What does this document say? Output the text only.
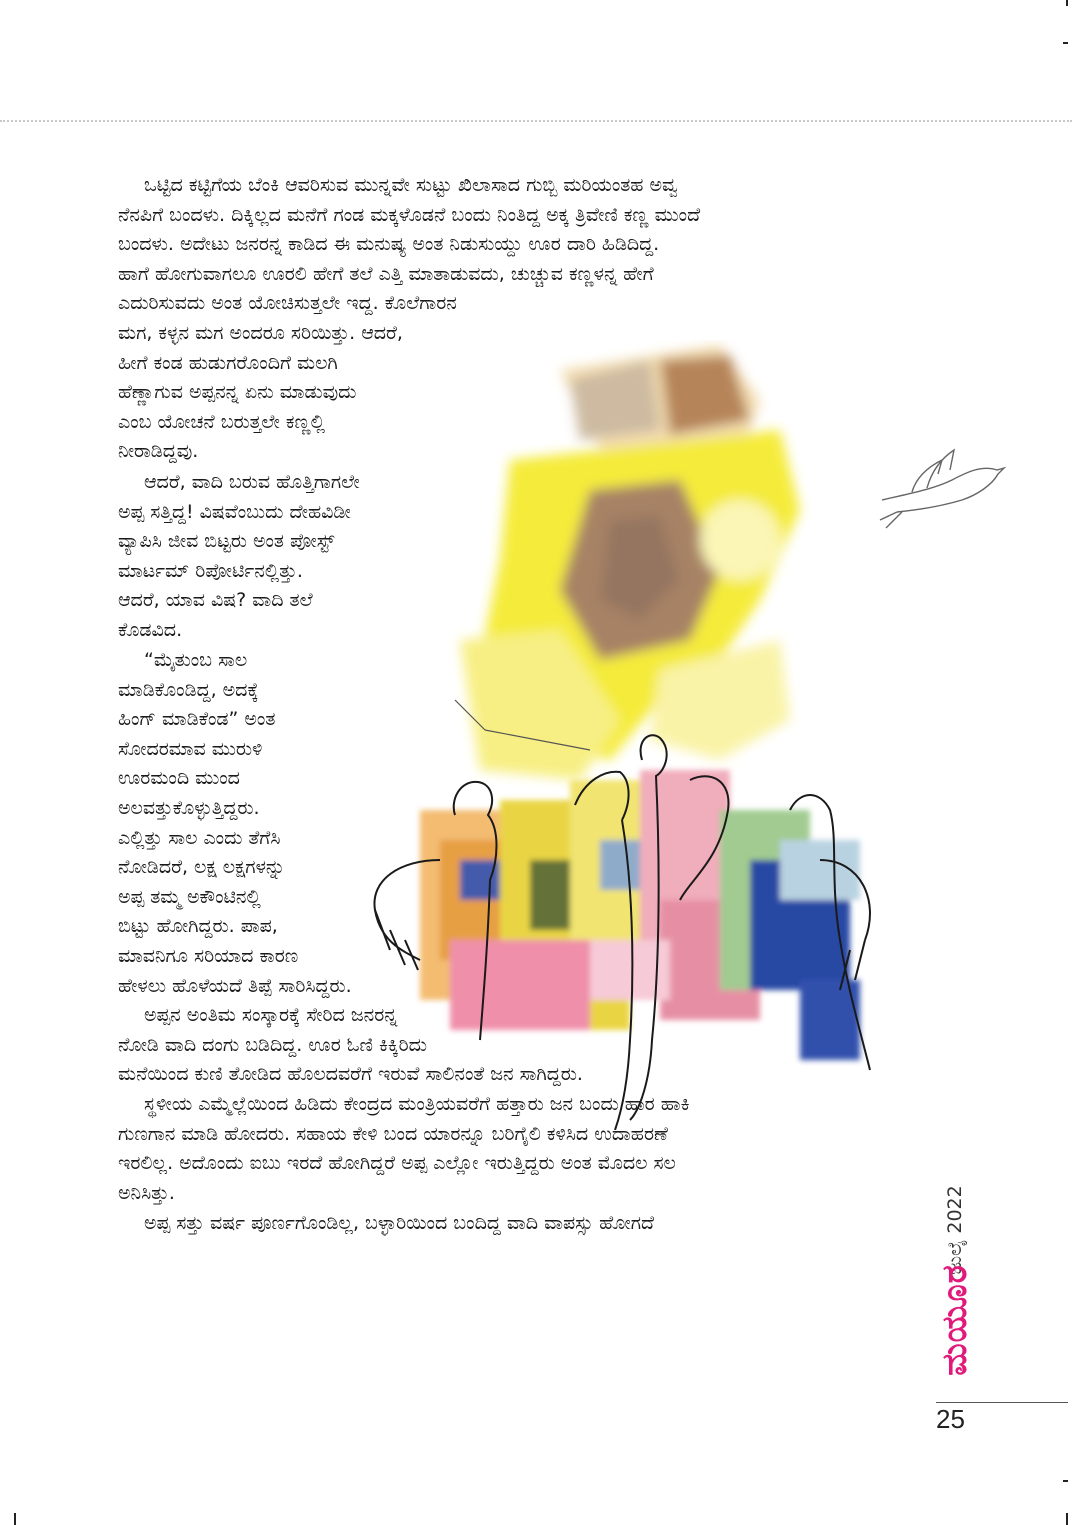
ಒಟ್ಟಿದ ಕಟ್ಟಿಗೆಯ ಬೆಂಕಿ ಆವರಿಸುವ ಮುನ್ನವೇ ಸುಟ್ಟು ಖಿಲಾಸಾದ ಗುಬ್ಬಿ ಮರಿಯಂತಹ ಅವ್ವ
ನೆನಪಿಗೆ ಬಂದಳು. ದಿಕ್ಕಿಲ್ಲದ ಮನೆಗೆ ಗಂಡ ಮಕ್ಕಳೊಡನೆ ಬಂದು ನಿಂತಿದ್ದ ಅಕ್ಕ ತ್ರಿವೇಣಿ ಕಣ್ಣ ಮುಂದೆ
ಬಂದಳು. ಅದೇಟು ಜನರನ್ನ ಕಾಡಿದ ಈ ಮನುಷ್ಯ ಅಂತ ನಿಡುಸುಯ್ದು ಊರ ದಾರಿ ಹಿಡಿದಿದ್ದ.
ಹಾಗೆ ಹೋಗುವಾಗಲೂ ಊರಲಿ ಹೇಗೆ ತಲೆ ಎತ್ತಿ ಮಾತಾಡುವದು, ಚುಚ್ಚುವ ಕಣ್ಣಳನ್ನ ಹೇಗೆ
ಎದುರಿಸುವದು ಅಂತ ಯೋಚಿಸುತ್ತಲೇ ಇದ್ದ. ಕೊಲೆಗಾರನ
ಮಗ, ಕಳ್ಳನ ಮಗ ಅಂದರೂ ಸರಿಯಿತ್ತು. ಆದರೆ,
ಹೀಗೆ ಕಂಡ ಹುಡುಗರೊಂದಿಗೆ ಮಲಗಿ
ಹೆಣ್ಣಾಗುವ ಅಪ್ಪನನ್ನ ಏನು ಮಾಡುವುದು
ಎಂಬ ಯೋಚನೆ ಬರುತ್ತಲೇ ಕಣ್ಣಲ್ಲಿ
ನೀರಾಡಿದ್ದವು.
ಆದರೆ, ವಾದಿ ಬರುವ ಹೊತ್ತಿಗಾಗಲೇ
ಅಪ್ಪ ಸತ್ತಿದ್ದ! ವಿಷವೆಂಬುದು ದೇಹವಿಡೀ
ವ್ಯಾಪಿಸಿ ಜೀವ ಬಿಟ್ಟರು ಅಂತ ಪೋಸ್ಟ್
ಮಾರ್ಟಮ್ ರಿಪೋರ್ಟಿನಲ್ಲಿತ್ತು.
ಆದರೆ, ಯಾವ ವಿಷ? ವಾದಿ ತಲೆ
ಕೊಡವಿದ.
“ಮೈತುಂಬ ಸಾಲ
ಮಾಡಿಕೊಂಡಿದ್ದ, ಅದಕ್ಕೆ
ಹಿಂಗ್ ಮಾಡಿಕೆಂಡ” ಅಂತ
ಸೋದರಮಾವ ಮುರುಳಿ
ಊರಮಂದಿ ಮುಂದ
ಅಲವತ್ತುಕೊಳ್ಳುತ್ತಿದ್ದರು.
ಎಲ್ಲಿತ್ತು ಸಾಲ ಎಂದು ತೆಗೆಸಿ
ನೋಡಿದರೆ, ಲಕ್ಷ ಲಕ್ಷಗಳನ್ನು
ಅಪ್ಪ ತಮ್ಮ ಅಕೌಂಟಿನಲ್ಲಿ
ಬಿಟ್ಟು ಹೋಗಿದ್ದರು. ಪಾಪ,
ಮಾವನಿಗೂ ಸರಿಯಾದ ಕಾರಣ
ಹೇಳಲು ಹೊಳೆಯದೆ ತಿಪ್ಪೆ ಸಾರಿಸಿದ್ದರು.
ಅಪ್ಪನ ಅಂತಿಮ ಸಂಸ್ಕಾರಕ್ಕೆ ಸೇರಿದ ಜನರನ್ನ
ನೋಡಿ ವಾದಿ ದಂಗು ಬಡಿದಿದ್ದ. ಊರ ಓಣಿ ಕಿಕ್ಕಿರಿದು
ಮನೆಯಿಂದ ಕುಣಿ ತೋಡಿದ ಹೊಲದವರೆಗೆ ಇರುವೆ ಸಾಲಿನಂತೆ ಜನ ಸಾಗಿದ್ದರು.
ಸ್ಥಳೀಯ ಎಮ್ಮೆಲ್ಲೆಯಿಂದ ಹಿಡಿದು ಕೇಂದ್ರದ ಮಂತ್ರಿಯವರೆಗೆ ಹತ್ತಾರು ಜನ ಬಂದು ಹಾರ ಹಾಕಿ
ಗುಣಗಾನ ಮಾಡಿ ಹೋದರು. ಸಹಾಯ ಕೇಳಿ ಬಂದ ಯಾರನ್ನೂ ಬರಿಗೈಲಿ ಕಳಿಸಿದ ಉದಾಹರಣೆ
ಇರಲಿಲ್ಲ. ಅದೊಂದು ಐಬು ಇರದೆ ಹೋಗಿದ್ದರೆ ಅಪ್ಪ ಎಲ್ಲೋ ಇರುತ್ತಿದ್ದರು ಅಂತ ಮೊದಲ ಸಲ
ಅನಿಸಿತ್ತು.
ಅಪ್ಪ ಸತ್ತು ವರ್ಷ ಪೂರ್ಣಗೊಂಡಿಲ್ಲ, ಬಳ್ಳಾರಿಯಿಂದ ಬಂದಿದ್ದ ವಾದಿ ವಾಪಸ್ಸು ಹೋಗದೆ	ಜುಲೈ 2022
ಮಯೂರ
25
